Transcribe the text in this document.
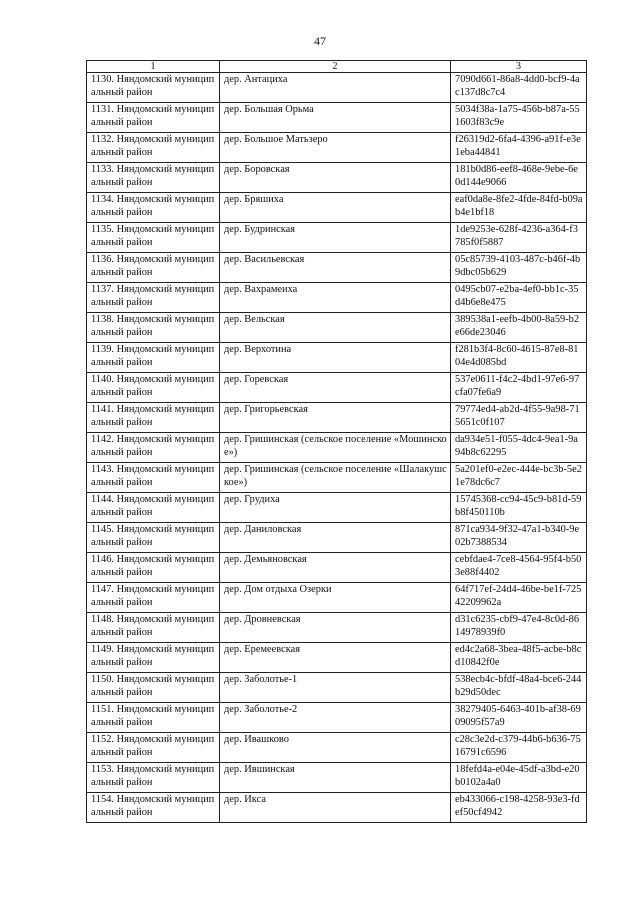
47
1	2	3
1130. Няндомский муниципальный район	дер. Антациха	7090d661-86a8-4dd0-bcf9-4ac137d8c7c4
1131. Няндомский муниципальный район	дер. Большая Орьма	5034f38a-1a75-456b-b87a-551603f83c9e
1132. Няндомский муниципальный район	дер. Большое Матьзеро	f26319d2-6fa4-4396-a91f-e3e1eba44841
1133. Няндомский муниципальный район	дер. Боровская	181b0d86-eef8-468e-9ebe-6e0d144e9066
1134. Няндомский муниципальный район	дер. Бряшиха	eaf0da8e-8fe2-4fde-84fd-b09ab4e1bf18
1135. Няндомский муниципальный район	дер. Будринская	1de9253e-628f-4236-a364-f3785f0f5887
1136. Няндомский муниципальный район	дер. Васильевская	05c85739-4103-487c-b46f-4b9dbc05b629
1137. Няндомский муниципальный район	дер. Вахрамеиха	0495cb07-e2ba-4ef0-bb1c-35d4b6e8e475
1138. Няндомский муниципальный район	дер. Вельская	389538a1-eefb-4b00-8a59-b2e66de23046
1139. Няндомский муниципальный район	дер. Верхотина	f281b3f4-8c60-4615-87e8-8104e4d085bd
1140. Няндомский муниципальный район	дер. Горевская	537e0611-f4c2-4bd1-97e6-97cfa07fe6a9
1141. Няндомский муниципальный район	дер. Григорьевская	79774ed4-ab2d-4f55-9a98-715651c0f107
1142. Няндомский муниципальный район	дер. Гришинская (сельское поселение «Мошинское»)	da934e51-f055-4dc4-9ea1-9a94b8c62295
1143. Няндомский муниципальный район	дер. Гришинская (сельское поселение «Шалакушское»)	5a201ef0-e2ec-444e-bc3b-5e21e78dc6c7
1144. Няндомский муниципальный район	дер. Грудиха	15745368-cc94-45c9-b81d-59b8f450110b
1145. Няндомский муниципальный район	дер. Даниловская	871ca934-9f32-47a1-b340-9e02b7388534
1146. Няндомский муниципальный район	дер. Демьяновская	cebfdae4-7ce8-4564-95f4-b503e88f4402
1147. Няндомский муниципальный район	дер. Дом отдыха Озерки	64f717ef-24d4-46be-be1f-72542209962a
1148. Няндомский муниципальный район	дер. Дровневская	d31c6235-cbf9-47e4-8c0d-8614978939f0
1149. Няндомский муниципальный район	дер. Еремеевская	ed4c2a68-3bea-48f5-acbe-b8cd10842f0e
1150. Няндомский муниципальный район	дер. Заболотье-1	538ecb4c-bfdf-48a4-bce6-244b29d50dec
1151. Няндомский муниципальный район	дер. Заболотье-2	38279405-6463-401b-af38-6909095f57a9
1152. Няндомский муниципальный район	дер. Ивашково	c28c3e2d-c379-44b6-b636-7516791c6596
1153. Няндомский муниципальный район	дер. Ившинская	18fefd4a-e04e-45df-a3bd-e20b0102a4a0
1154. Няндомский муниципальный район	дер. Икса	eb433066-c198-4258-93e3-fdef50cf4942
